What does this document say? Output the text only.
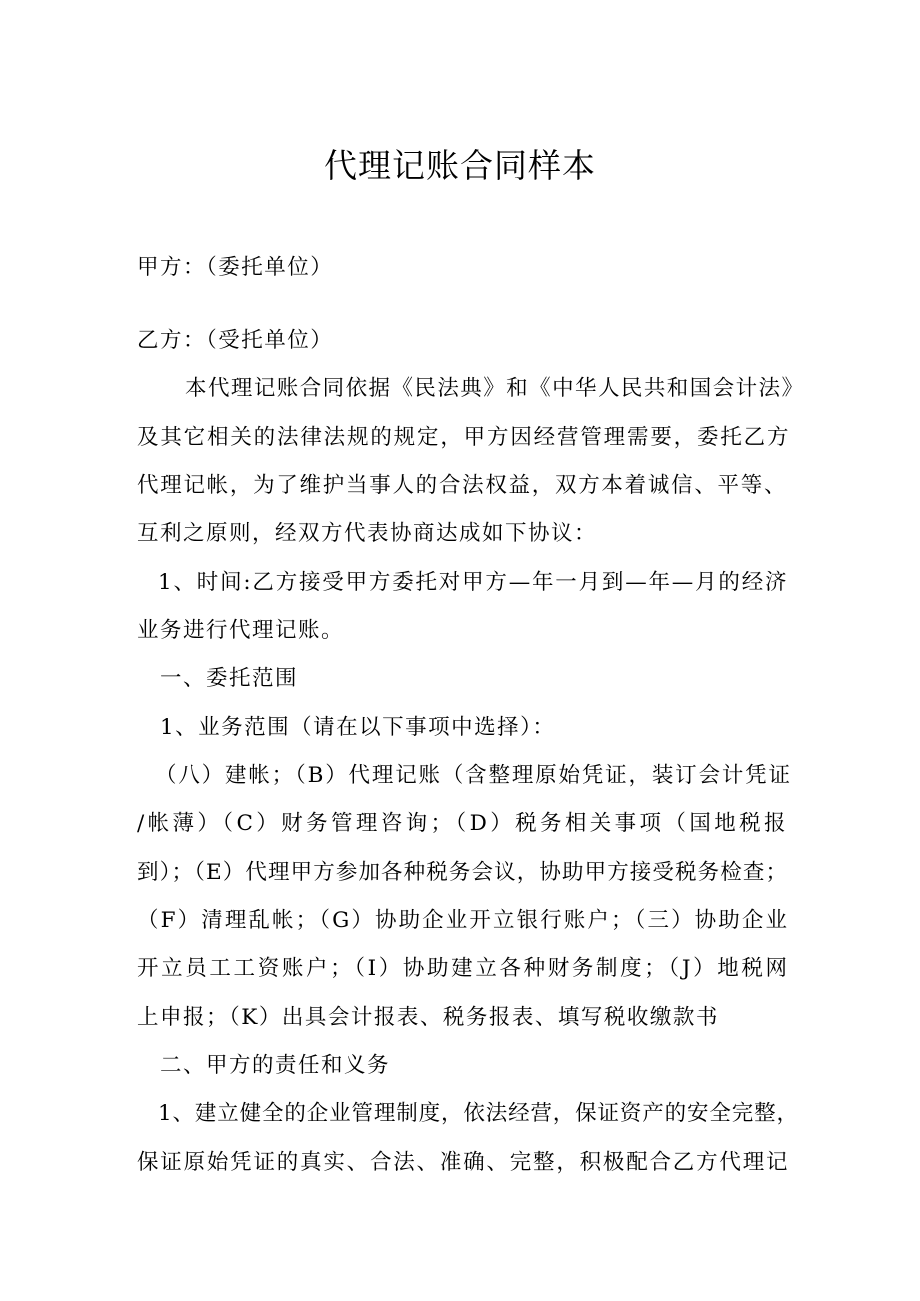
代理记账合同样本
甲方：（委托单位）
乙方：（受托单位）
本代理记账合同依据《民法典》和《中华人民共和国会计法》
及其它相关的法律法规的规定，甲方因经营管理需要，委托乙方
代理记帐，为了维护当事人的合法权益，双方本着诚信、平等、
互利之原则，经双方代表协商达成如下协议：
1、时间:乙方接受甲方委托对甲方—年一月到—年—月的经济
业务进行代理记账。
一、委托范围
1、业务范围（请在以下事项中选择）：
（八）建帐；（B）代理记账（含整理原始凭证，装订会计凭证
/帐薄）（C）财务管理咨询；（D）税务相关事项（国地税报
到）；（E）代理甲方参加各种税务会议，协助甲方接受税务检查；
（F）清理乱帐；（G）协助企业开立银行账户；（三）协助企业
开立员工工资账户；（I）协助建立各种财务制度；（J）地税网
上申报；（K）出具会计报表、税务报表、填写税收缴款书
二、甲方的责任和义务
1、建立健全的企业管理制度，依法经营，保证资产的安全完整，
保证原始凭证的真实、合法、准确、完整，积极配合乙方代理记
